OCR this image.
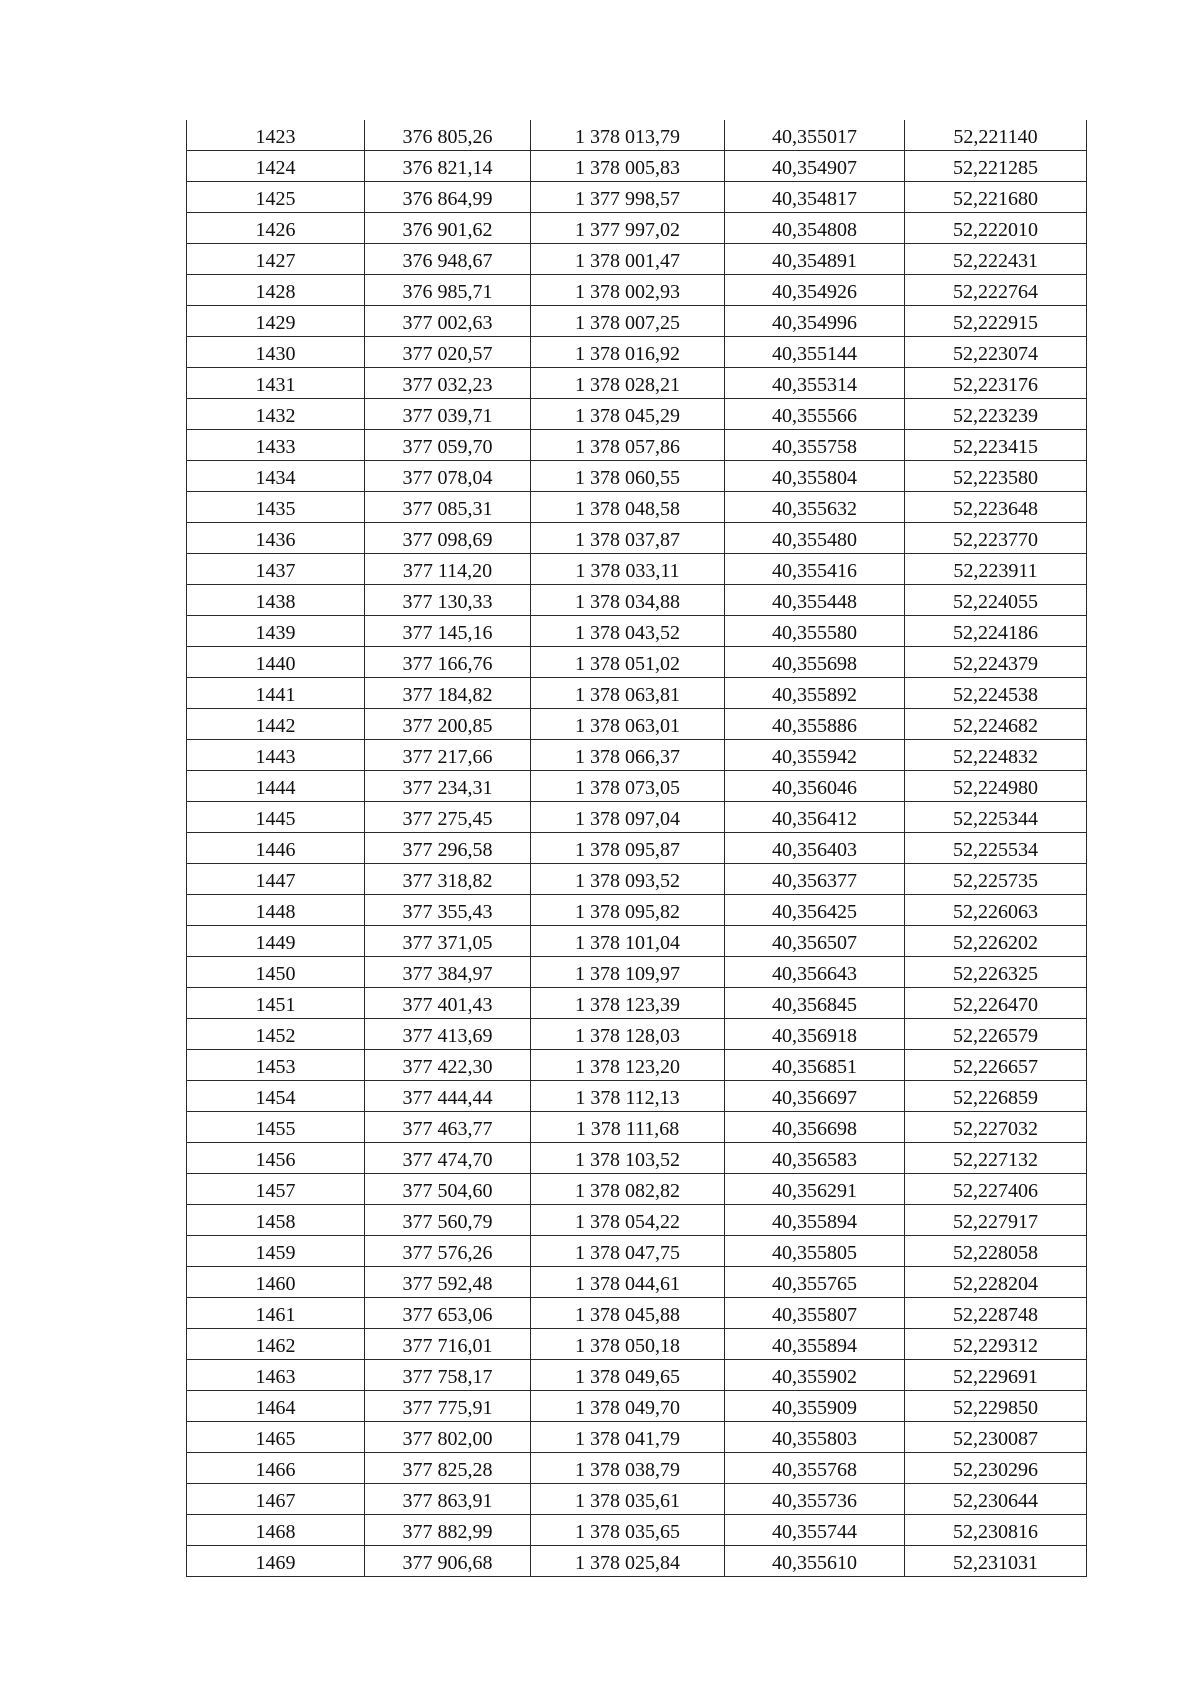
1423	376 805,26	1 378 013,79	40,355017	52,221140
1424	376 821,14	1 378 005,83	40,354907	52,221285
1425	376 864,99	1 377 998,57	40,354817	52,221680
1426	376 901,62	1 377 997,02	40,354808	52,222010
1427	376 948,67	1 378 001,47	40,354891	52,222431
1428	376 985,71	1 378 002,93	40,354926	52,222764
1429	377 002,63	1 378 007,25	40,354996	52,222915
1430	377 020,57	1 378 016,92	40,355144	52,223074
1431	377 032,23	1 378 028,21	40,355314	52,223176
1432	377 039,71	1 378 045,29	40,355566	52,223239
1433	377 059,70	1 378 057,86	40,355758	52,223415
1434	377 078,04	1 378 060,55	40,355804	52,223580
1435	377 085,31	1 378 048,58	40,355632	52,223648
1436	377 098,69	1 378 037,87	40,355480	52,223770
1437	377 114,20	1 378 033,11	40,355416	52,223911
1438	377 130,33	1 378 034,88	40,355448	52,224055
1439	377 145,16	1 378 043,52	40,355580	52,224186
1440	377 166,76	1 378 051,02	40,355698	52,224379
1441	377 184,82	1 378 063,81	40,355892	52,224538
1442	377 200,85	1 378 063,01	40,355886	52,224682
1443	377 217,66	1 378 066,37	40,355942	52,224832
1444	377 234,31	1 378 073,05	40,356046	52,224980
1445	377 275,45	1 378 097,04	40,356412	52,225344
1446	377 296,58	1 378 095,87	40,356403	52,225534
1447	377 318,82	1 378 093,52	40,356377	52,225735
1448	377 355,43	1 378 095,82	40,356425	52,226063
1449	377 371,05	1 378 101,04	40,356507	52,226202
1450	377 384,97	1 378 109,97	40,356643	52,226325
1451	377 401,43	1 378 123,39	40,356845	52,226470
1452	377 413,69	1 378 128,03	40,356918	52,226579
1453	377 422,30	1 378 123,20	40,356851	52,226657
1454	377 444,44	1 378 112,13	40,356697	52,226859
1455	377 463,77	1 378 111,68	40,356698	52,227032
1456	377 474,70	1 378 103,52	40,356583	52,227132
1457	377 504,60	1 378 082,82	40,356291	52,227406
1458	377 560,79	1 378 054,22	40,355894	52,227917
1459	377 576,26	1 378 047,75	40,355805	52,228058
1460	377 592,48	1 378 044,61	40,355765	52,228204
1461	377 653,06	1 378 045,88	40,355807	52,228748
1462	377 716,01	1 378 050,18	40,355894	52,229312
1463	377 758,17	1 378 049,65	40,355902	52,229691
1464	377 775,91	1 378 049,70	40,355909	52,229850
1465	377 802,00	1 378 041,79	40,355803	52,230087
1466	377 825,28	1 378 038,79	40,355768	52,230296
1467	377 863,91	1 378 035,61	40,355736	52,230644
1468	377 882,99	1 378 035,65	40,355744	52,230816
1469	377 906,68	1 378 025,84	40,355610	52,231031
